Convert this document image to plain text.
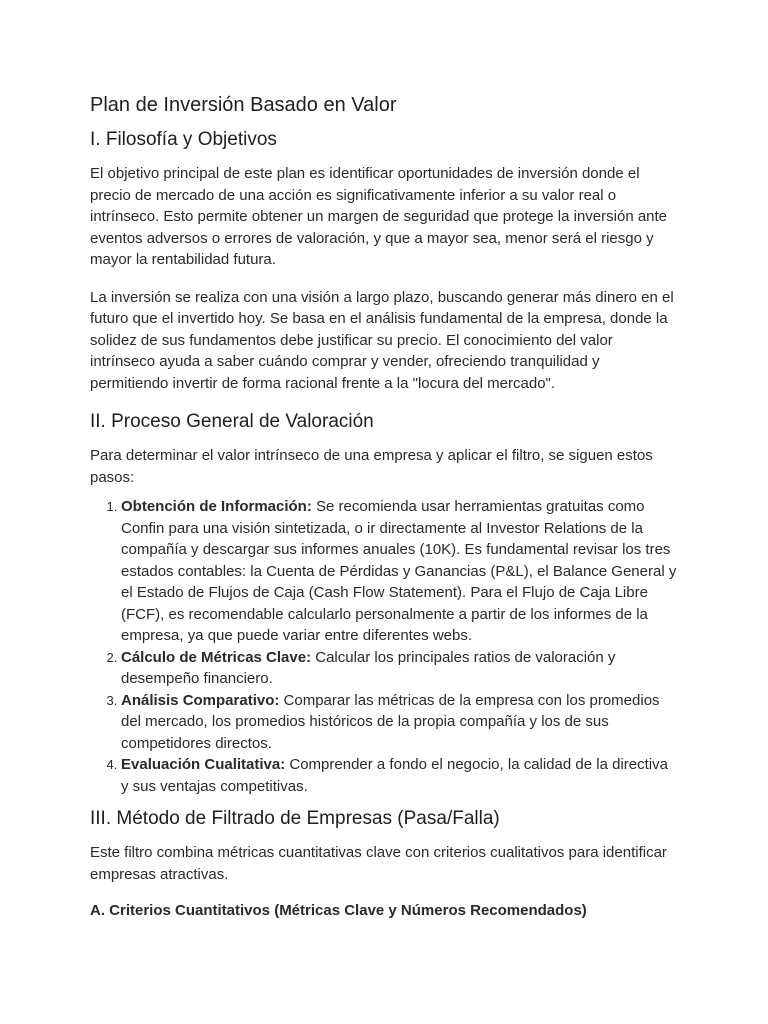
Plan de Inversión Basado en Valor
I. Filosofía y Objetivos

El objetivo principal de este plan es identificar oportunidades de inversión donde el precio de mercado de una acción es significativamente inferior a su valor real o intrínseco. Esto permite obtener un margen de seguridad que protege la inversión ante eventos adversos o errores de valoración, y que a mayor sea, menor será el riesgo y mayor la rentabilidad futura.

La inversión se realiza con una visión a largo plazo, buscando generar más dinero en el futuro que el invertido hoy. Se basa en el análisis fundamental de la empresa, donde la solidez de sus fundamentos debe justificar su precio. El conocimiento del valor intrínseco ayuda a saber cuándo comprar y vender, ofreciendo tranquilidad y permitiendo invertir de forma racional frente a la "locura del mercado".

II. Proceso General de Valoración

Para determinar el valor intrínseco de una empresa y aplicar el filtro, se siguen estos pasos:

1. Obtención de Información: Se recomienda usar herramientas gratuitas como Confin para una visión sintetizada, o ir directamente al Investor Relations de la compañía y descargar sus informes anuales (10K). Es fundamental revisar los tres estados contables: la Cuenta de Pérdidas y Ganancias (P&L), el Balance General y el Estado de Flujos de Caja (Cash Flow Statement). Para el Flujo de Caja Libre (FCF), es recomendable calcularlo personalmente a partir de los informes de la empresa, ya que puede variar entre diferentes webs.
2. Cálculo de Métricas Clave: Calcular los principales ratios de valoración y desempeño financiero.
3. Análisis Comparativo: Comparar las métricas de la empresa con los promedios del mercado, los promedios históricos de la propia compañía y los de sus competidores directos.
4. Evaluación Cualitativa: Comprender a fondo el negocio, la calidad de la directiva y sus ventajas competitivas.
III. Método de Filtrado de Empresas (Pasa/Falla)

Este filtro combina métricas cuantitativas clave con criterios cualitativos para identificar empresas atractivas.

A. Criterios Cuantitativos (Métricas Clave y Números Recomendados)
